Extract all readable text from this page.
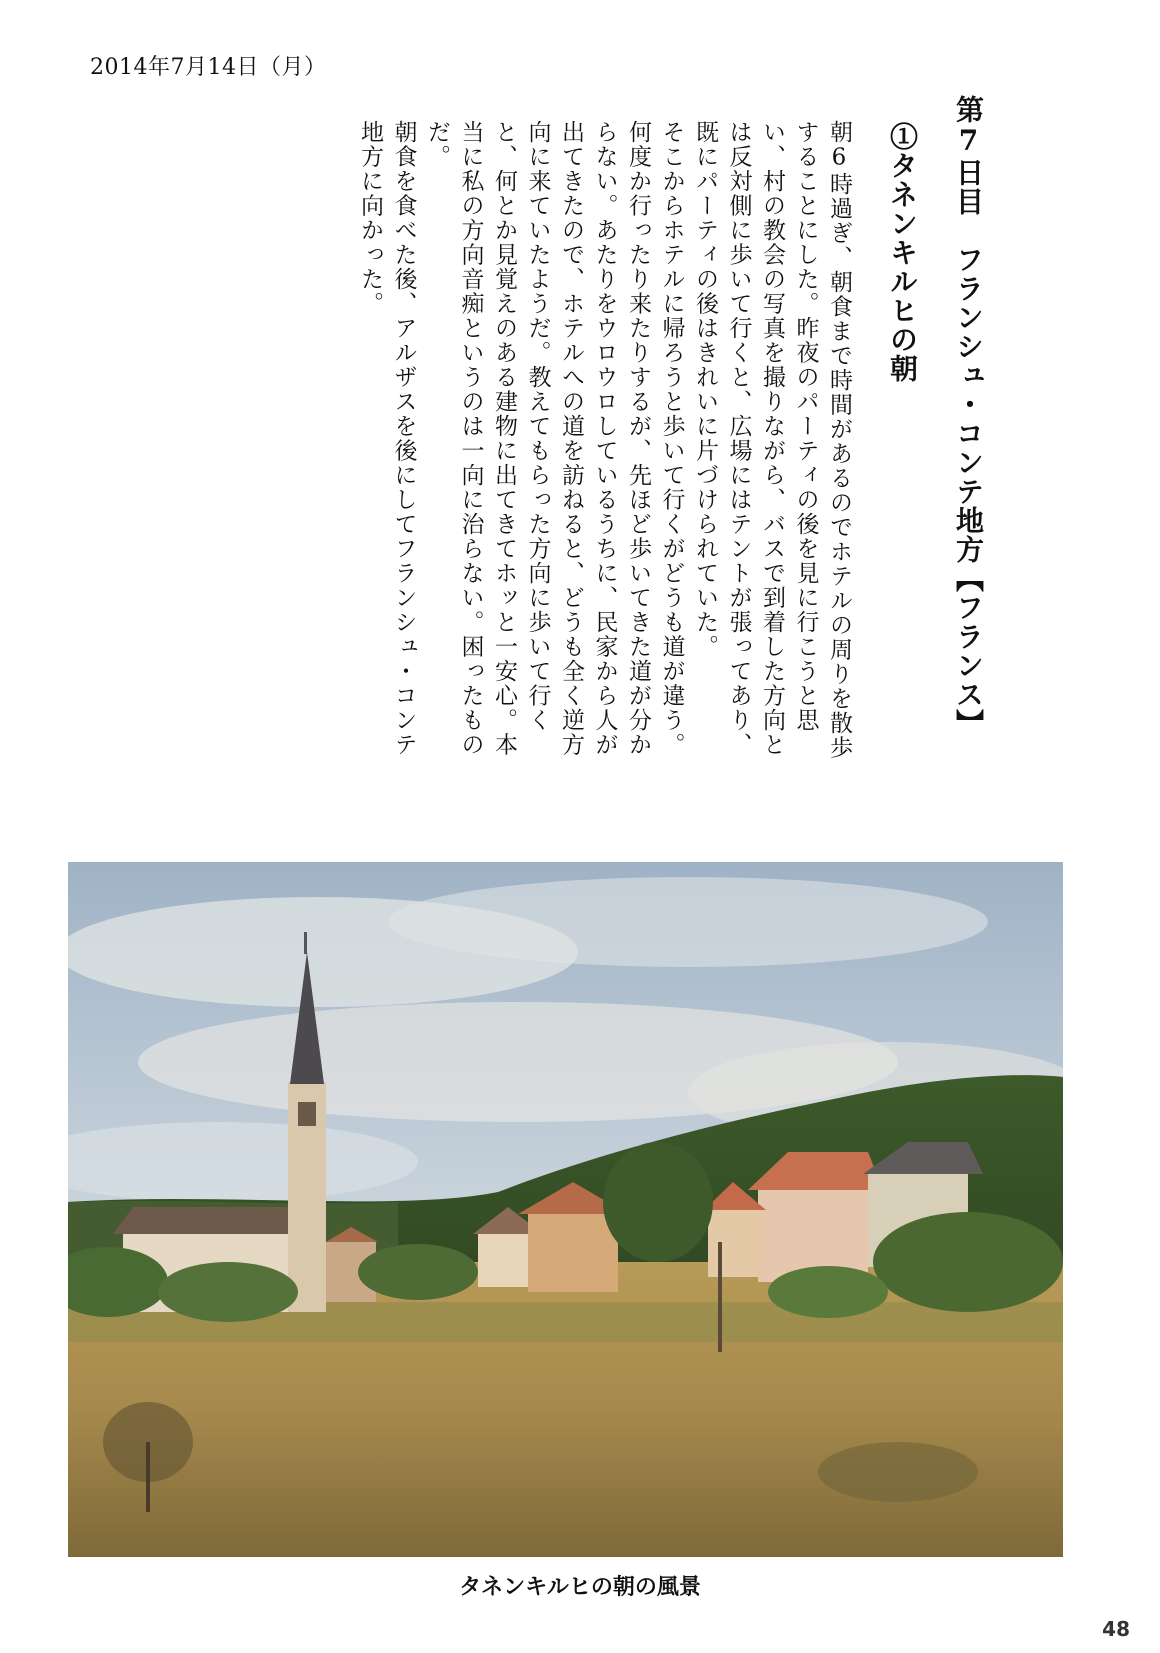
2014年7月14日（月）
第7日目　フランシュ・コンテ地方【フランス】
①タネンキルヒの朝

朝6時過ぎ、朝食まで時間があるのでホテルの周りを散歩することにした。昨夜のパーティの後を見に行こうと思い、村の教会の写真を撮りながら、バスで到着した方向とは反対側に歩いて行くと、広場にはテントが張ってあり、既にパーティの後はきれいに片づけられていた。

そこからホテルに帰ろうと歩いて行くがどうも道が違う。何度か行ったり来たりするが、先ほど歩いてきた道が分からない。あたりをウロウロしているうちに、民家から人が出てきたので、ホテルへの道を訪ねると、どうも全く逆方向に来ていたようだ。教えてもらった方向に歩いて行くと、何とか見覚えのある建物に出てきてホッと一安心。本当に私の方向音痴というのは一向に治らない。困ったものだ。

朝食を食べた後、アルザスを後にしてフランシュ・コンテ地方に向かった。

タネンキルヒの朝の風景
48
